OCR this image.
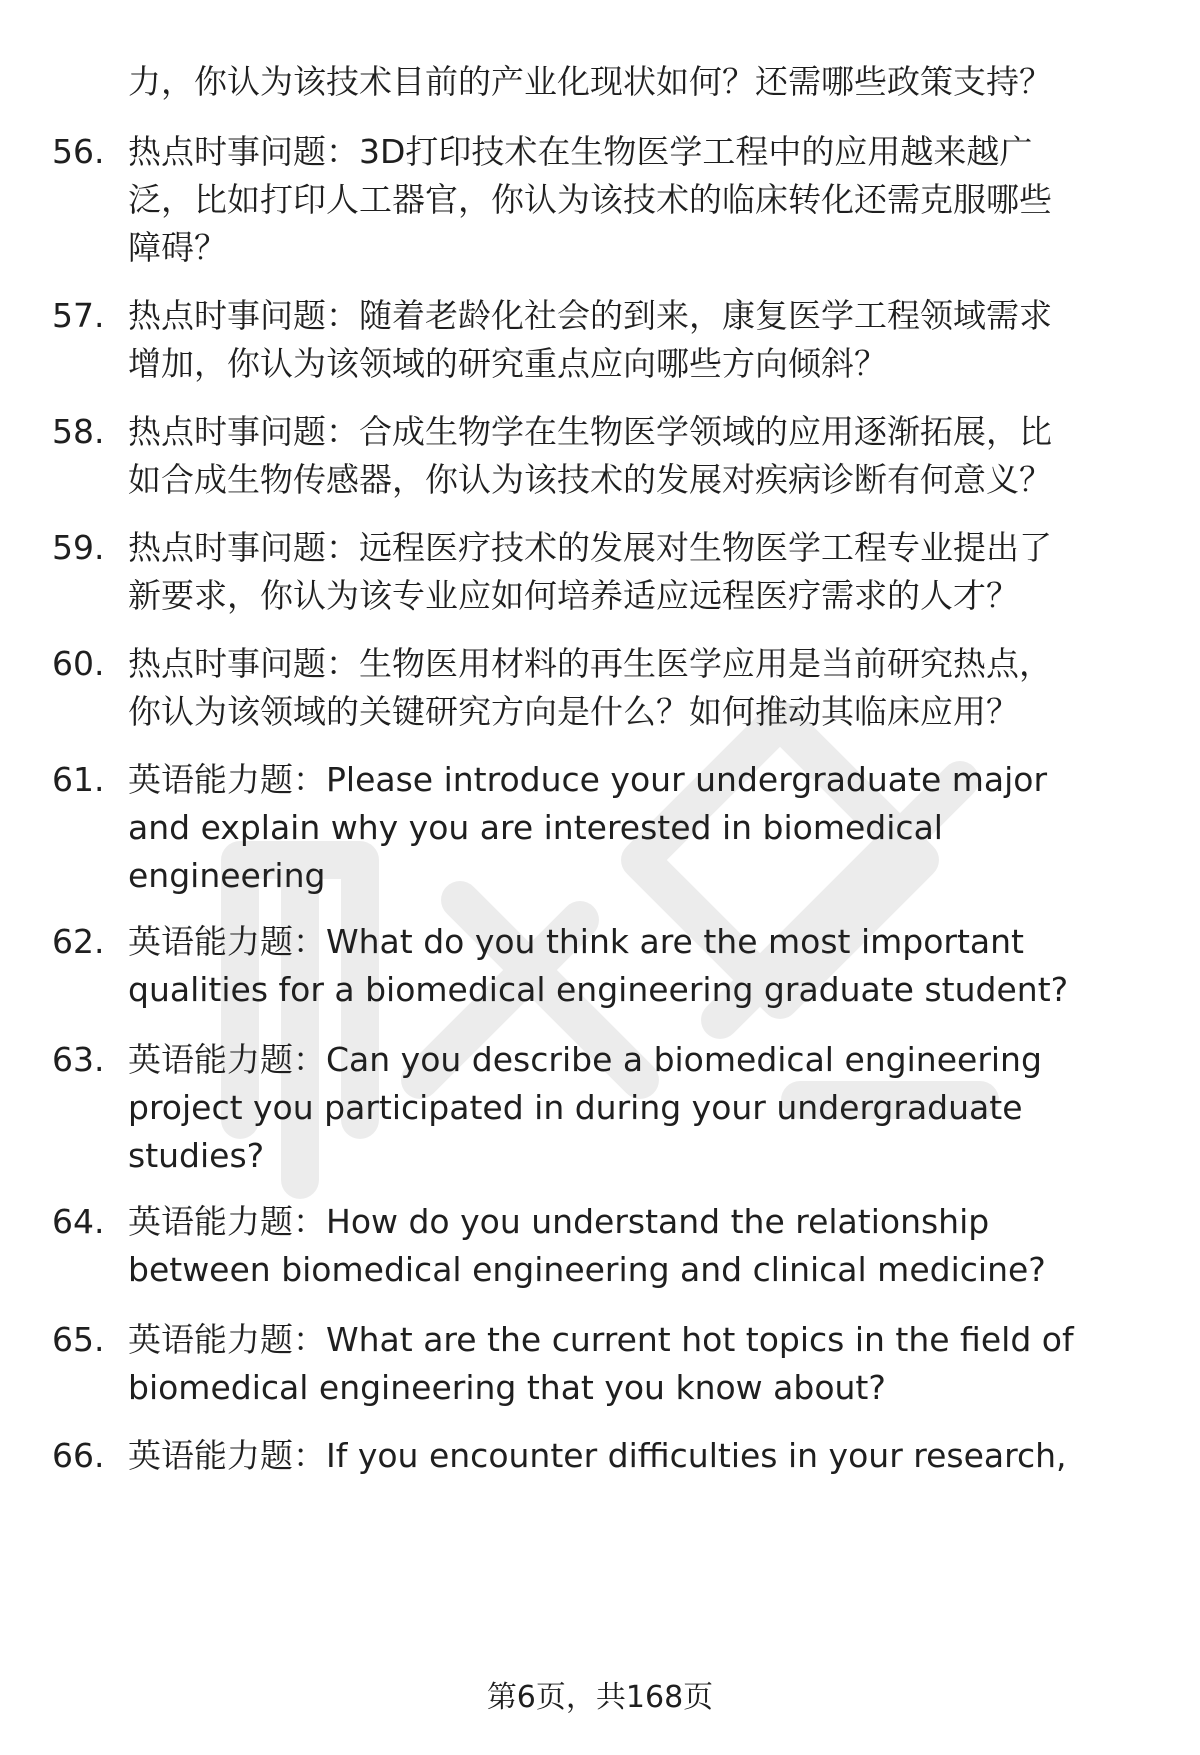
力，你认为该技术目前的产业化现状如何？还需哪些政策支持？
56. 热点时事问题：3D打印技术在生物医学工程中的应用越来越广
泛，比如打印人工器官，你认为该技术的临床转化还需克服哪些
障碍？
57. 热点时事问题：随着老龄化社会的到来，康复医学工程领域需求
增加，你认为该领域的研究重点应向哪些方向倾斜？
58. 热点时事问题：合成生物学在生物医学领域的应用逐渐拓展，比
如合成生物传感器，你认为该技术的发展对疾病诊断有何意义？
59. 热点时事问题：远程医疗技术的发展对生物医学工程专业提出了
新要求，你认为该专业应如何培养适应远程医疗需求的人才？
60. 热点时事问题：生物医用材料的再生医学应用是当前研究热点，
你认为该领域的关键研究方向是什么？如何推动其临床应用？
61. 英语能力题：Please introduce your undergraduate major
and explain why you are interested in biomedical
engineering
62. 英语能力题：What do you think are the most important
qualities for a biomedical engineering graduate student?
63. 英语能力题：Can you describe a biomedical engineering
project you participated in during your undergraduate
studies?
64. 英语能力题：How do you understand the relationship
between biomedical engineering and clinical medicine?
65. 英语能力题：What are the current hot topics in the field of
biomedical engineering that you know about?
66. 英语能力题：If you encounter difficulties in your research,
第6页，共168页
